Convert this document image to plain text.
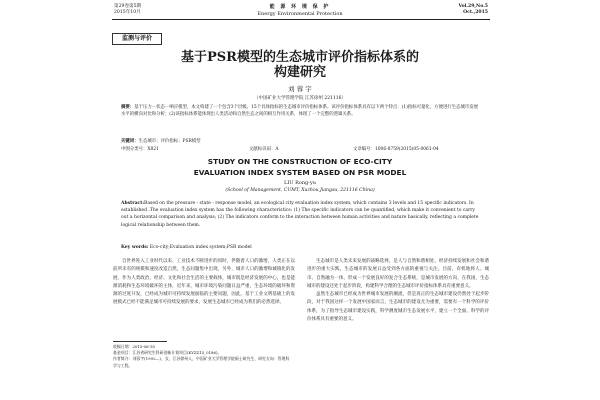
第29卷第5期
2015年10月
能 源 环 境 保 护
Energy Environmental Protection
Vol.29,No.5
Oct.,2015
监测与评价
基于PSR模型的生态城市评价指标体系的
构建研究
刘 蓉 宇
（中国矿业大学管理学院 江苏徐州 221116）
摘要：基于压力－状态－响应模型，本文构建了一个包含3个层级、15个具体指标的生态城市评价指标体系。该评价指标体系具有以下两个特点：(1)指标可量化，方便进行生态城市发展水平的横向对比和分析；(2)该指标体系能体现出人类活动和自然生态之间的相互作用关系，体现了一个完整的逻辑关系。
关键词：生态城市；评价指标；PSR模型
中图分类号：X821	文献标识码：A	文章编号：1006-8759(2015)05-0061-04
STUDY ON THE CONSTRUCTION OF ECO-CITY
EVALUATION INDEX SYSTEM BASED ON PSR MODEL
LIU Rong-yu
(School of Management, CUMT, Xuzhou Jiangsu, 221116 China)
Abstract:Based on the pressure - state - response model, an ecological city evaluation index system, which contains 3 levels and 15 specific indicators. In established .The evaluation index system has the following characteristics: (1) The specific indicators can be quantified, which make it convenient to carry out a horizontal comparison and analysis; (2) The indicators conform to the interaction between human activities and nature basically, reflecting a complete logical relationship between them.
Key words: Eco-city;Evaluation index system;PSR model

自世界进入工业时代以来，工业技术不断进步的同时，伴随着人口的激增，人类正在以前所未有的规模和速度改造自然，生态问题集中出现，另外，城市人口的激增和城镇化的发展，作为人类政治、经济、文化和社会生活的主要载体，城市既是经济发展的中心，也是能源消耗和生态环境破坏的主体，近年来，城市环境污染问题日益严重，生态环境的破坏和资源的过度开发，已经成为城市可持续发展面临的主要问题，因此，基于工业文明基础上的发展模式已经不能满足城市可持续发展的要求，发展生态城市已经成为我们的必然选择。

生态城市是人类未来发展的战略选择，是人与自然和谐相处、经济持续发展和社会和谐进步的重大实践，生态城市的发展日益受到各方面的重视与关注。目前，有机地将人、城市、自然融为一体，形成一个发展良好的复合生态系统，是城市发展的方向，在我国，生态城市的建设还处于起步阶段，构建科学合理的生态城市评价指标体系具有重要意义。

虽然生态城市已经成为世界城市发展的潮流，但是真正的生态城市建设仍然处于起步阶段，对于我国这样一个发展中国家而言，生态城市的建设尤为重要，需要有一个科学的评价体系，为了指导生态城市建设实践，科学测度城市生态发展水平，建立一个全面、科学的评价体系具有重要的意义。

收稿日期：2015-06-18
基金项目：江苏省研究生科研创新计划项目(KYZZ15_0186)。
作者简介：刘蓉宇(1992—)，女，江苏徐州人，中国矿业大学管理学院硕士研究生，研究方向：管理科学与工程。
